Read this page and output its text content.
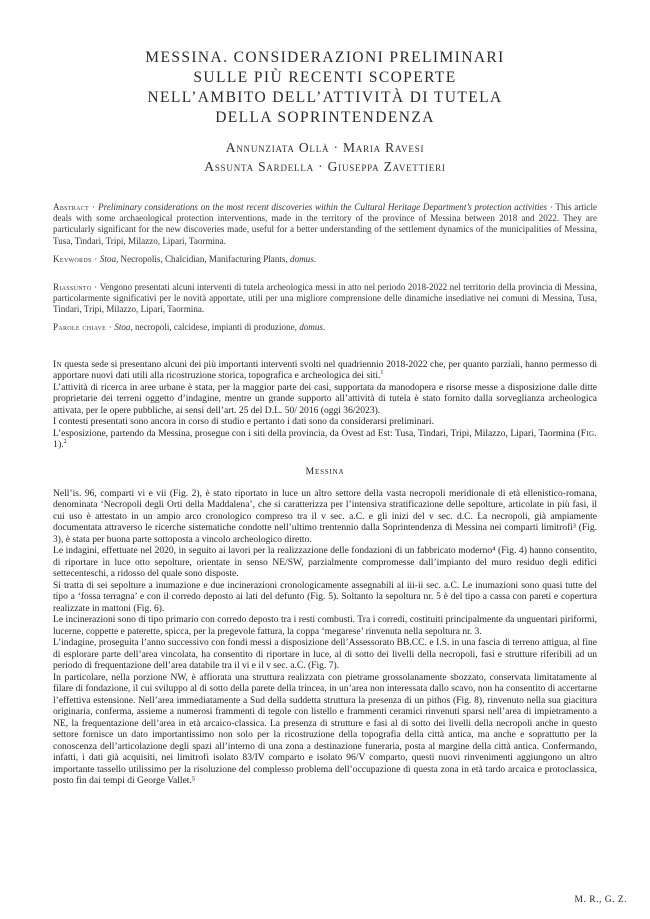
MESSINA. CONSIDERAZIONI PRELIMINARI
SULLE PIÙ RECENTI SCOPERTE
NELL’AMBITO DELL’ATTIVITÀ DI TUTELA
DELLA SOPRINTENDENZA
Annunziata Ollà · Maria Ravesi
Assunta Sardella · Giuseppa Zavettieri
Abstract · Preliminary considerations on the most recent discoveries within the Cultural Heritage Department’s protection activities · This article deals with some archaeological protection interventions, made in the territory of the province of Messina between 2018 and 2022. They are particularly significant for the new discoveries made, useful for a better understanding of the settlement dynamics of the municipalities of Messina, Tusa, Tindari, Tripi, Milazzo, Lipari, Taormina.
Keywords · Stoa, Necropolis, Chalcidian, Manifacturing Plants, domus.
Riassunto · Vengono presentati alcuni interventi di tutela archeologica messi in atto nel periodo 2018-2022 nel territorio della provincia di Messina, particolarmente significativi per le novità apportate, utili per una migliore comprensione delle dinamiche insediative nei comuni di Messina, Tusa, Tindari, Tripi, Milazzo, Lipari, Taormina.
Parole chiave · Stoa, necropoli, calcidese, impianti di produzione, domus.

In questa sede si presentano alcuni dei più importanti interventi svolti nel quadriennio 2018-2022 che, per quanto parziali, hanno permesso di apportare nuovi dati utili alla ricostruzione storica, topografica e archeologica dei siti.$^1$

L’attività di ricerca in aree urbane è stata, per la maggior parte dei casi, supportata da manodopera e risorse messe a disposizione dalle ditte proprietarie dei terreni oggetto d’indagine, mentre un grande supporto all’attività di tutela è stato fornito dalla sorveglianza archeologica attivata, per le opere pubbliche, ai sensi dell’art. 25 del D.L. 50/ 2016 (oggi 36/2023).

I contesti presentati sono ancora in corso di studio e pertanto i dati sono da considerarsi preliminari.

L’esposizione, partendo da Messina, prosegue con i siti della provincia, da Ovest ad Est: Tusa, Tindari, Tripi, Milazzo, Lipari, Taormina (Fig. 1).$^2$

Messina

Nell’is. 96, comparti vi e vii (Fig. 2), è stato riportato in luce un altro settore della vasta necropoli meridionale di età ellenistico-romana, denominata ‘Necropoli degli Orti della Maddalena’, che si caratterizza per l’intensiva stratificazione delle sepolture, articolate in più fasi, il cui uso è attestato in un ampio arco cronologico compreso tra il v sec. a.C. e gli inizi del v sec. d.C. La necropoli, già ampiamente documentata attraverso le ricerche sistematiche condotte nell’ultimo trentennio dalla Soprintendenza di Messina nei comparti limitrofi³ (Fig. 3), è stata per buona parte sottoposta a vincolo archeologico diretto.

Le indagini, effettuate nel 2020, in seguito ai lavori per la realizzazione delle fondazioni di un fabbricato moderno⁴ (Fig. 4) hanno consentito, di riportare in luce otto sepolture, orientate in senso NE/SW, parzialmente compromesse dall’impianto del muro residuo degli edifici settecenteschi, a ridosso del quale sono disposte.

Si tratta di sei sepolture a inumazione e due incinerazioni cronologicamente assegnabili al iii-ii sec. a.C. Le inumazioni sono quasi tutte del tipo a ‘fossa terragna’ e con il corredo deposto ai lati del defunto (Fig. 5). Soltanto la sepoltura nr. 5 è del tipo a cassa con pareti e copertura realizzate in mattoni (Fig. 6).

Le incinerazioni sono di tipo primario con corredo deposto tra i resti combusti. Tra i corredi, costituiti principalmente da unguentari piriformi, lucerne, coppette e paterette, spicca, per la pregevole fattura, la coppa ‘megarese’ rinvenuta nella sepoltura nr. 3.

L’indagine, proseguita l’anno successivo con fondi messi a disposizione dell’Assessorato BB.CC. e I.S. in una fascia di terreno attigua, al fine di esplorare parte dell’area vincolata, ha consentito di riportare in luce, al di sotto dei livelli della necropoli, fasi e strutture riferibili ad un periodo di frequentazione dell’area databile tra il vi e il v sec. a.C. (Fig. 7).

In particolare, nella porzione NW, è affiorata una struttura realizzata con pietrame grossolanamente sbozzato, conservata limitatamente al filare di fondazione, il cui sviluppo al di sotto della parete della trincea, in un’area non interessata dallo scavo, non ha consentito di accertarne l’effettiva estensione. Nell’area immediatamente a Sud della suddetta struttura la presenza di un pithos (Fig. 8), rinvenuto nella sua giacitura originaria, conferma, assieme a numerosi frammenti di tegole con listello e frammenti ceramici rinvenuti sparsi nell’area di impietramento a NE, la frequentazione dell’area in età arcaico-classica. La presenza di strutture e fasi al di sotto dei livelli della necropoli anche in questo settore fornisce un dato importantissimo non solo per la ricostruzione della topografia della città antica, ma anche e soprattutto per la conoscenza dell’articolazione degli spazi all’interno di una zona a destinazione funeraria, posta al margine della città antica. Confermando, infatti, i dati già acquisiti, nei limitrofi isolato 83/IV comparto e isolato 96/V comparto, questi nuovi rinvenimenti aggiungono un altro importante tassello utilissimo per la risoluzione del complesso problema dell’occupazione di questa zona in età tardo arcaica e protoclassica, posto fin dai tempi di George Vallet.⁵

M. R., G. Z.
